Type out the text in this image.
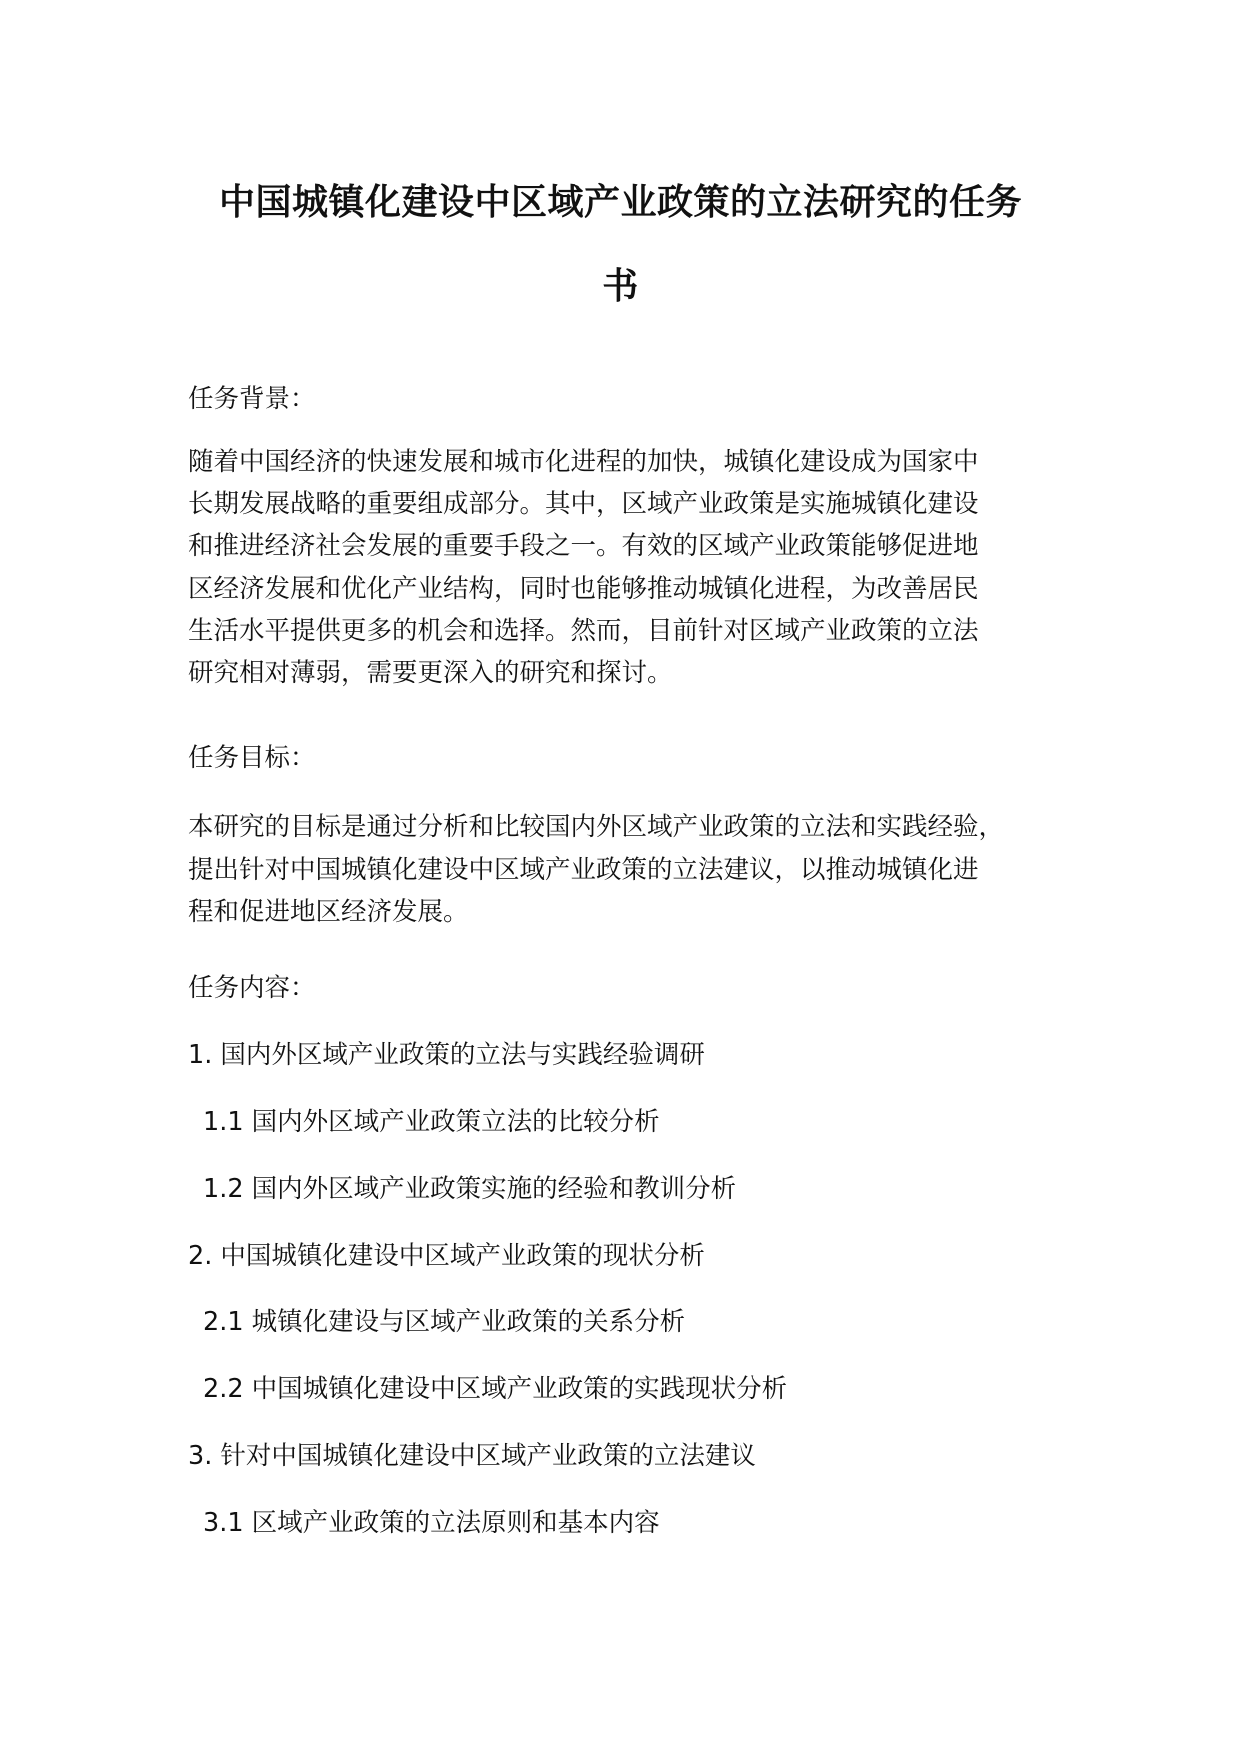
中国城镇化建设中区域产业政策的立法研究的任务
书
任务背景：
随着中国经济的快速发展和城市化进程的加快，城镇化建设成为国家中
长期发展战略的重要组成部分。其中，区域产业政策是实施城镇化建设
和推进经济社会发展的重要手段之一。有效的区域产业政策能够促进地
区经济发展和优化产业结构，同时也能够推动城镇化进程，为改善居民
生活水平提供更多的机会和选择。然而，目前针对区域产业政策的立法
研究相对薄弱，需要更深入的研究和探讨。
任务目标：
本研究的目标是通过分析和比较国内外区域产业政策的立法和实践经验，
提出针对中国城镇化建设中区域产业政策的立法建议，以推动城镇化进
程和促进地区经济发展。
任务内容：
1. 国内外区域产业政策的立法与实践经验调研
1.1 国内外区域产业政策立法的比较分析
1.2 国内外区域产业政策实施的经验和教训分析
2. 中国城镇化建设中区域产业政策的现状分析
2.1 城镇化建设与区域产业政策的关系分析
2.2 中国城镇化建设中区域产业政策的实践现状分析
3. 针对中国城镇化建设中区域产业政策的立法建议
3.1 区域产业政策的立法原则和基本内容
